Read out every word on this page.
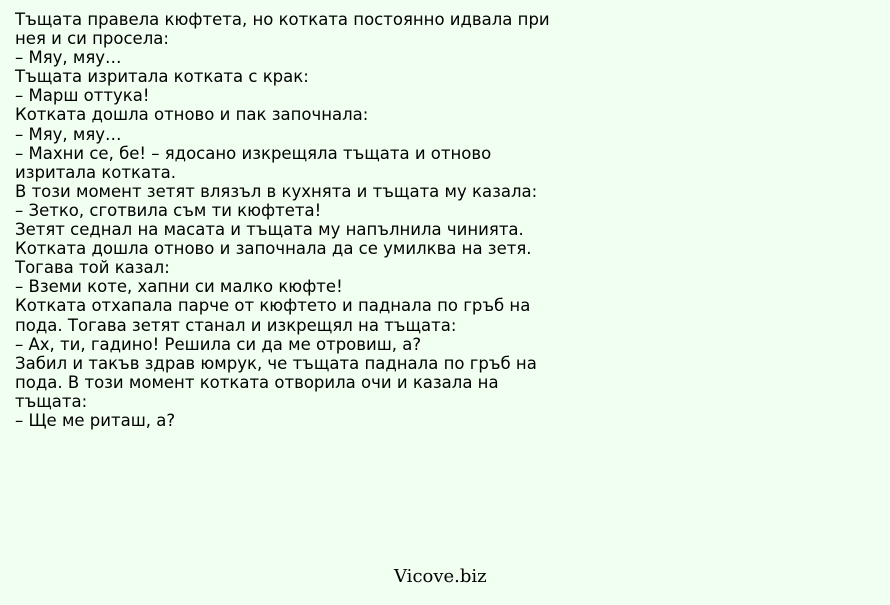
Тъщата правела кюфтета, но котката постоянно идвала при
нея и си просела:
– Мяу, мяу…
Тъщата изритала котката с крак:
– Марш оттука!
Котката дошла отново и пак започнала:
– Мяу, мяу…
– Махни се, бе! – ядосано изкрещяла тъщата и отново
изритала котката.
В този момент зетят влязъл в кухнята и тъщата му казала:
– Зетко, сготвила съм ти кюфтета!
Зетят седнал на масата и тъщата му напълнила чинията.
Котката дошла отново и започнала да се умилква на зетя.
Тогава той казал:
– Вземи коте, хапни си малко кюфте!
Котката отхапала парче от кюфтето и паднала по гръб на
пода. Тогава зетят станал и изкрещял на тъщата:
– Ах, ти, гадино! Решила си да ме отровиш, а?
Забил и такъв здрав юмрук, че тъщата паднала по гръб на
пода. В този момент котката отворила очи и казала на
тъщата:
– Ще ме риташ, а?
Vicove.biz
